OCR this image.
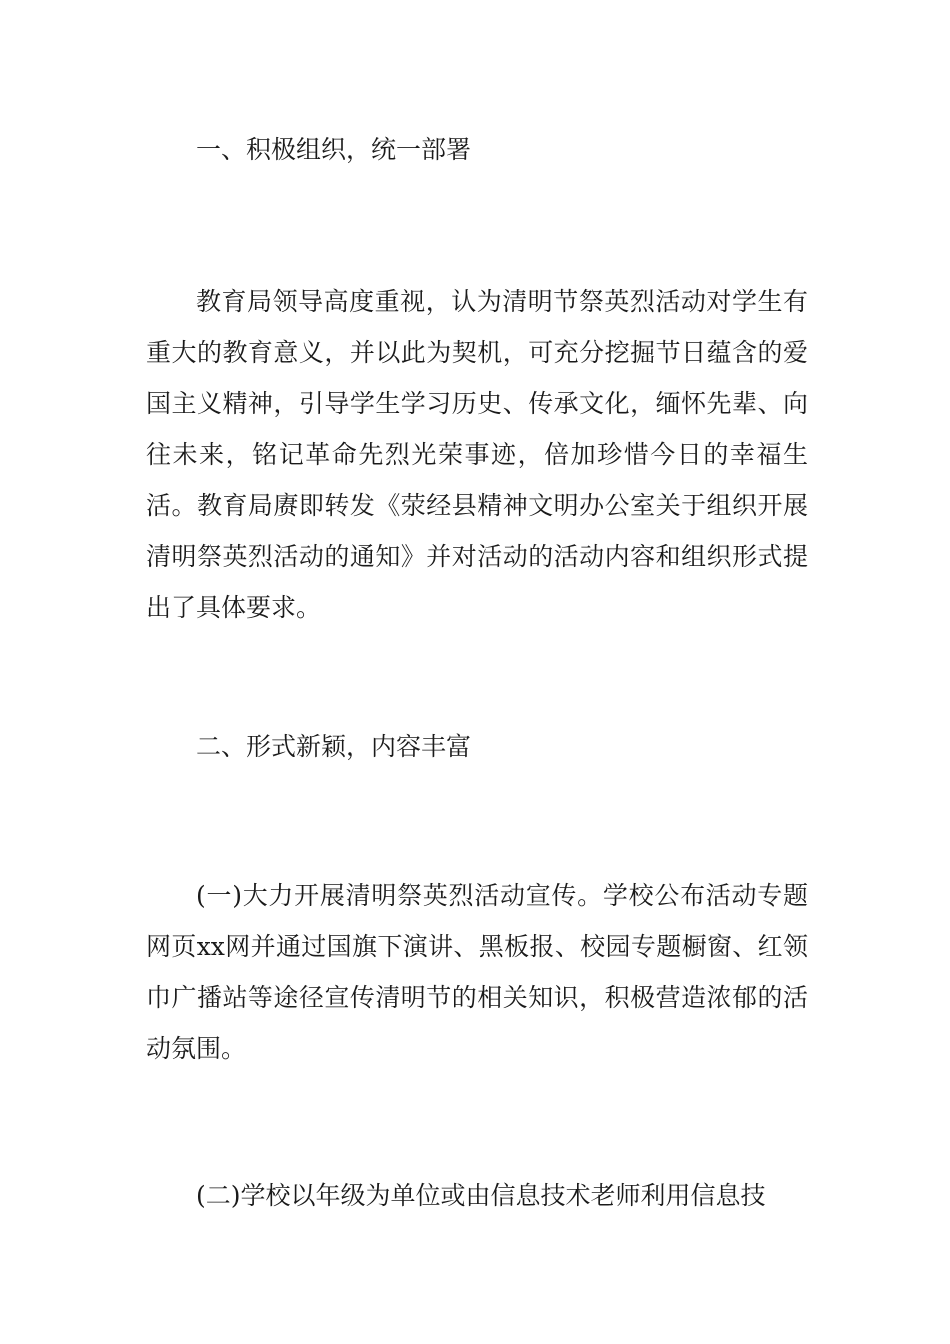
一、积极组织，统一部署
教育局领导高度重视，认为清明节祭英烈活动对学生有重大的教育意义，并以此为契机，可充分挖掘节日蕴含的爱国主义精神，引导学生学习历史、传承文化，缅怀先辈、向往未来，铭记革命先烈光荣事迹，倍加珍惜今日的幸福生活。教育局赓即转发《荥经县精神文明办公室关于组织开展清明祭英烈活动的通知》并对活动的活动内容和组织形式提出了具体要求。
二、形式新颖，内容丰富
(一)大力开展清明祭英烈活动宣传。学校公布活动专题网页xx网并通过国旗下演讲、黑板报、校园专题橱窗、红领巾广播站等途径宣传清明节的相关知识，积极营造浓郁的活动氛围。
(二)学校以年级为单位或由信息技术老师利用信息技
